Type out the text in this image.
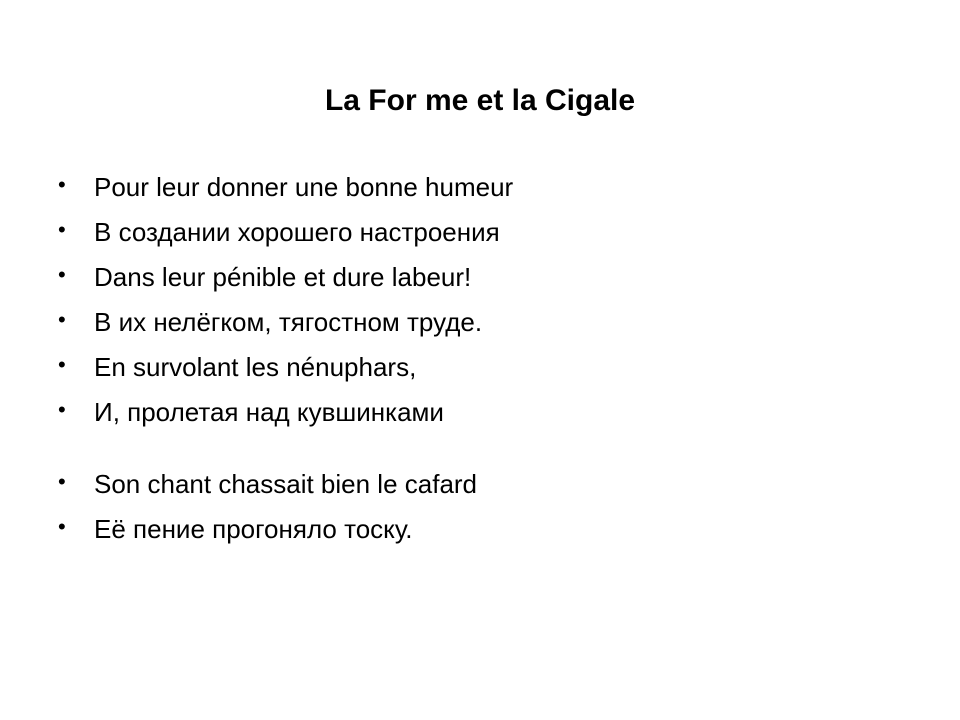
La For me et la Cigale
• Pour leur donner une bonne humeur
• В создании хорошего настроения
• Dans leur pénible et dure labeur!
• В их нелёгком, тягостном труде.
• En survolant les nénuphars,
• И, пролетая над кувшинками
• Son chant chassait bien le cafard
• Её пение прогоняло тоску.
